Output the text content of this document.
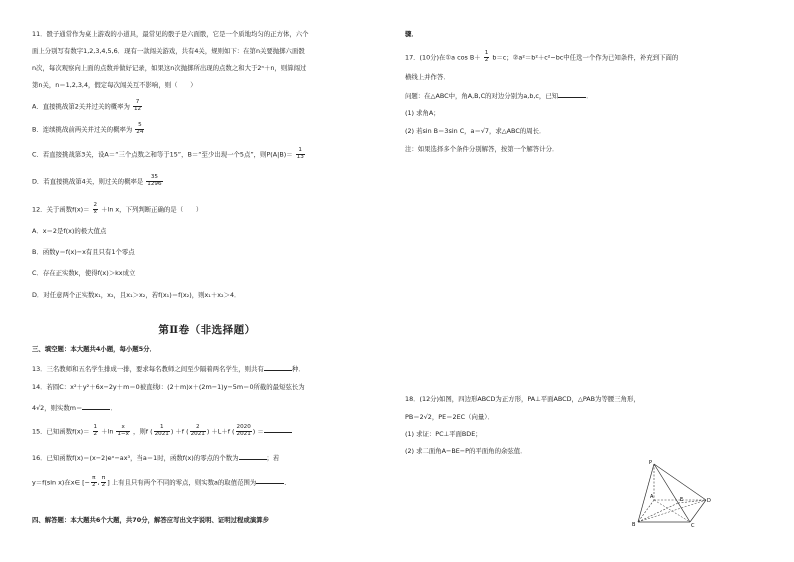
11．骰子通常作为桌上游戏的小道具，最常见的骰子是六面骰，它是一个质地均匀的正方体，六个

面上分别写有数字1,2,3,4,5,6．现有一款闯关游戏，共有4关，规则如下：在第n关要抛掷六面骰

n次，每次观察向上面的点数并做好记录，如果这n次抛掷所出现的点数之和大于2ⁿ＋n，则算闯过

第n关，n＝1,2,3,4，假定每次闯关互不影响，则（　　）

A．直接挑战第2关并过关的概率为 $\frac{7}{12}$

B．连续挑战前两关并过关的概率为 $\frac{5}{24}$

C．若直接挑战第3关，设A＝“三个点数之和等于15”，B＝“至少出现一个5点”，则$P(A|B)= \frac{1}{13}$

D．若直接挑战第4关，则过关的概率是 $\frac{35}{1296}$

12．关于函数$f(x)= \frac{2}{x} +\ln$ x，下列判断正确的是（　　）

A．x＝2是f(x)的极大值点

B．函数y＝f(x)−x有且只有1个零点

C．存在正实数k，使得f(x)＞kx成立

D．对任意两个正实数x₁，x₂，且x₁＞x₂，若f(x₁)＝f(x₂)，则x₁＋x₂＞4．

第Ⅱ卷（非选择题）

三、填空题：本大题共4小题，每小题5分．

13．三名教师和五名学生排成一排，要求每名教师之间至少隔着两名学生，则共有	种．

14．若圆C：x²＋y²＋6x−2y＋m＝0被直线l：(2＋m)x＋(2m−1)y−5m＝0所截的最短弦长为

4√2，则实数m＝	．

15．已知函数$f(x)= \frac{1}{2} +\ln \frac{x}{1-x}$ ，则f ( $\frac{1}{2021}$ ) ＋f ( $\frac{2}{2021}$ ) ＋L＋f ( $\frac{2020}{2021}$ ) ＝

16．已知函数f(x)＝(x−2)eˣ−ax³，当a＝1时，函数f(x)的零点的个数为	；若

y＝f(sin x)在x∈ [− $\frac{\pi}{2}$ , $\frac{\pi}{2}$ ] 上有且只有两个不同的零点，则实数a的取值范围为	．

四、解答题：本大题共6个大题，共70分，解答应写出文字说明、证明过程或演算步

骤．

17．(10分)在①a $\cos B+ \frac{1}{2} b=c$；②a²＝b²＋c²−bc中任选一个作为已知条件，补充到下面的

横线上并作答．

问题：在△ABC中，角A,B,C的对边分别为a,b,c，已知	．

(1) 求角A；

(2) 若sin B＝3sin C，a＝√7，求△ABC的周长．

注：如果选择多个条件分别解答，按第一个解答计分．

18．(12分)如图，四边形ABCD为正方形，PA⊥平面ABCD，△PAB为等腰三角形，

PB＝2√2，PE＝2EC（向量）．

(1) 求证：PC⊥平面BDE；

(2) 求二面角A−BE−P的平面角的余弦值．

P
E
A
B	C
D
